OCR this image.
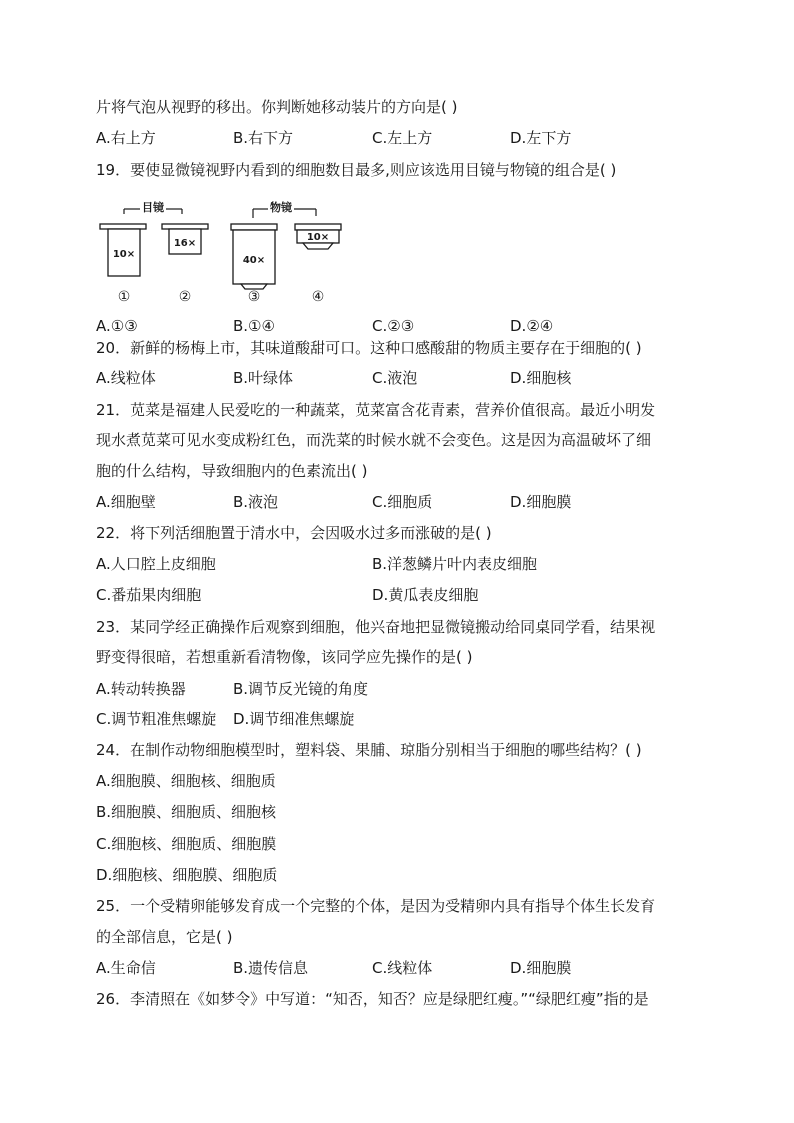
片将气泡从视野的移出。你判断她移动装片的方向是( )
A.右上方	B.右下方	C.左上方	D.左下方
19．要使显微镜视野内看到的细胞数目最多,则应该选用目镜与物镜的组合是( )
目镜	物镜
10×
16×
40×
10×
①	②	③	④
A.①③	B.①④	C.②③	D.②④
20．新鲜的杨梅上市，其味道酸甜可口。这种口感酸甜的物质主要存在于细胞的( )
A.线粒体	B.叶绿体	C.液泡	D.细胞核
21．苋菜是福建人民爱吃的一种蔬菜，苋菜富含花青素，营养价值很高。最近小明发
现水煮苋菜可见水变成粉红色，而洗菜的时候水就不会变色。这是因为高温破坏了细
胞的什么结构，导致细胞内的色素流出( )
A.细胞壁	B.液泡	C.细胞质	D.细胞膜
22．将下列活细胞置于清水中，会因吸水过多而涨破的是( )
A.人口腔上皮细胞	B.洋葱鳞片叶内表皮细胞
C.番茄果肉细胞	D.黄瓜表皮细胞
23．某同学经正确操作后观察到细胞，他兴奋地把显微镜搬动给同桌同学看，结果视
野变得很暗，若想重新看清物像，该同学应先操作的是( )
A.转动转换器	B.调节反光镜的角度
C.调节粗准焦螺旋 D.调节细准焦螺旋
24．在制作动物细胞模型时，塑料袋、果脯、琼脂分别相当于细胞的哪些结构？( )
A.细胞膜、细胞核、细胞质
B.细胞膜、细胞质、细胞核
C.细胞核、细胞质、细胞膜
D.细胞核、细胞膜、细胞质
25．一个受精卵能够发育成一个完整的个体，是因为受精卵内具有指导个体生长发育
的全部信息，它是( )
A.生命信	B.遗传信息	C.线粒体	D.细胞膜
26．李清照在《如梦令》中写道：“知否，知否？应是绿肥红瘦。”“绿肥红瘦”指的是
